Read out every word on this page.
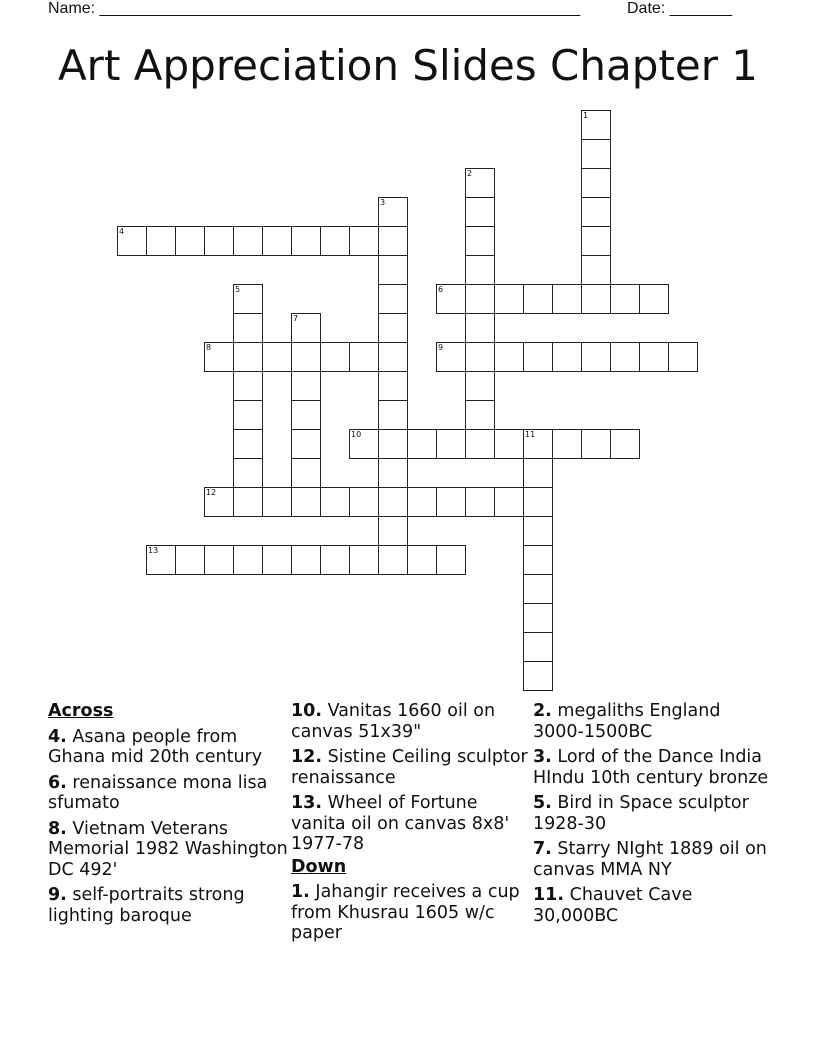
Name: ______________________________________________________	Date: _______
Art Appreciation Slides Chapter 1
4
6
8	9
10	11
12
13
1
2
3
5
7
Across
4. Asana people from Ghana mid 20th century
6. renaissance mona lisa sfumato
8. Vietnam Veterans Memorial 1982 Washington DC 492'
9. self-portraits strong lighting baroque
10. Vanitas 1660 oil on canvas 51x39"
12. Sistine Ceiling sculptor renaissance
13. Wheel of Fortune vanita oil on canvas 8x8' 1977-78
Down
1. Jahangir receives a cup from Khusrau 1605 w/c paper
2. megaliths England 3000-1500BC
3. Lord of the Dance India HIndu 10th century bronze
5. Bird in Space sculptor 1928-30
7. Starry NIght 1889 oil on canvas MMA NY
11. Chauvet Cave 30,000BC
